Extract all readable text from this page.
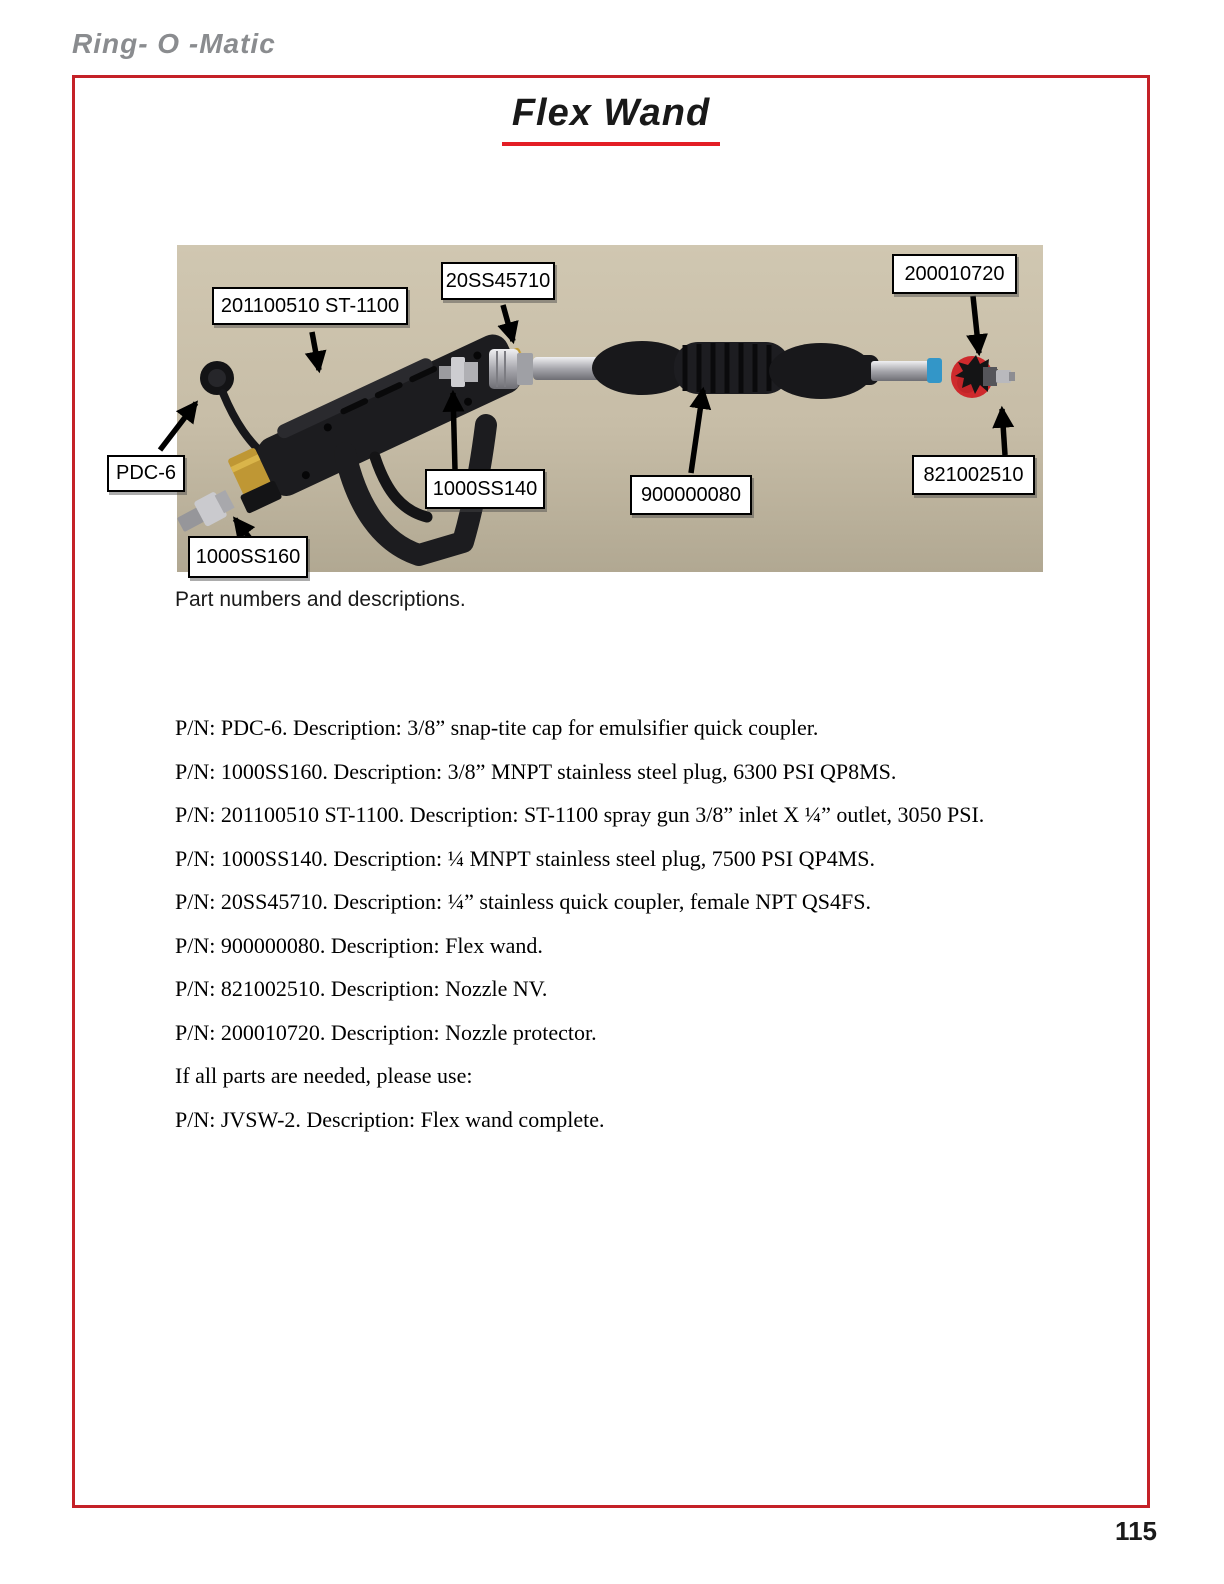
Ring- O -Matic
Flex Wand
201100510 ST-1100
20SS45710	200010720
PDC-6
1000SS140	900000080
821002510
1000SS160
Part numbers and descriptions.

P/N: PDC-6. Description: 3/8” snap-tite cap for emulsifier quick coupler.

P/N: 1000SS160. Description: 3/8” MNPT stainless steel plug, 6300 PSI QP8MS.

P/N: 201100510 ST-1100. Description: ST-1100 spray gun 3/8” inlet X ¼” outlet, 3050 PSI.

P/N: 1000SS140. Description: ¼ MNPT stainless steel plug, 7500 PSI QP4MS.

P/N: 20SS45710. Description: ¼” stainless quick coupler, female NPT QS4FS.

P/N: 900000080. Description: Flex wand.

P/N: 821002510. Description: Nozzle NV.

P/N: 200010720. Description: Nozzle protector.

If all parts are needed, please use:

P/N: JVSW-2. Description: Flex wand complete.

115
